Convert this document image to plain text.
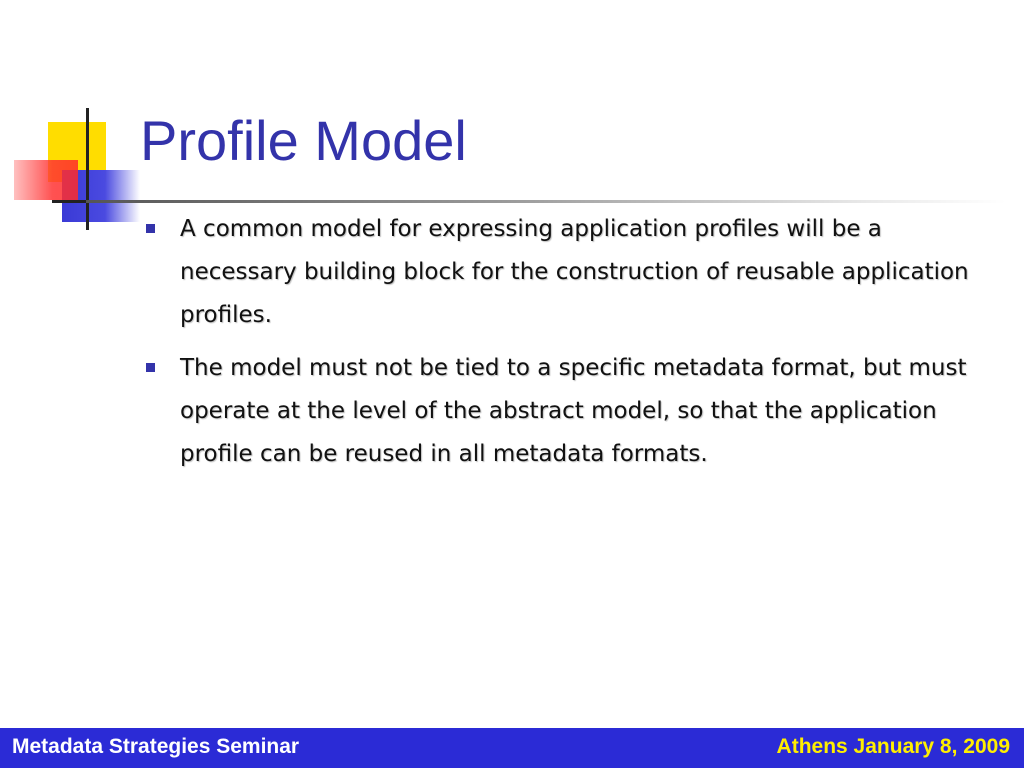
Profile Model
A common model for expressing application profiles will be a necessary building block for the construction of reusable application profiles.
The model must not be tied to a specific metadata format, but must operate at the level of the abstract model, so that the application profile can be reused in all metadata formats.
Metadata Strategies Seminar	Athens January 8, 2009
